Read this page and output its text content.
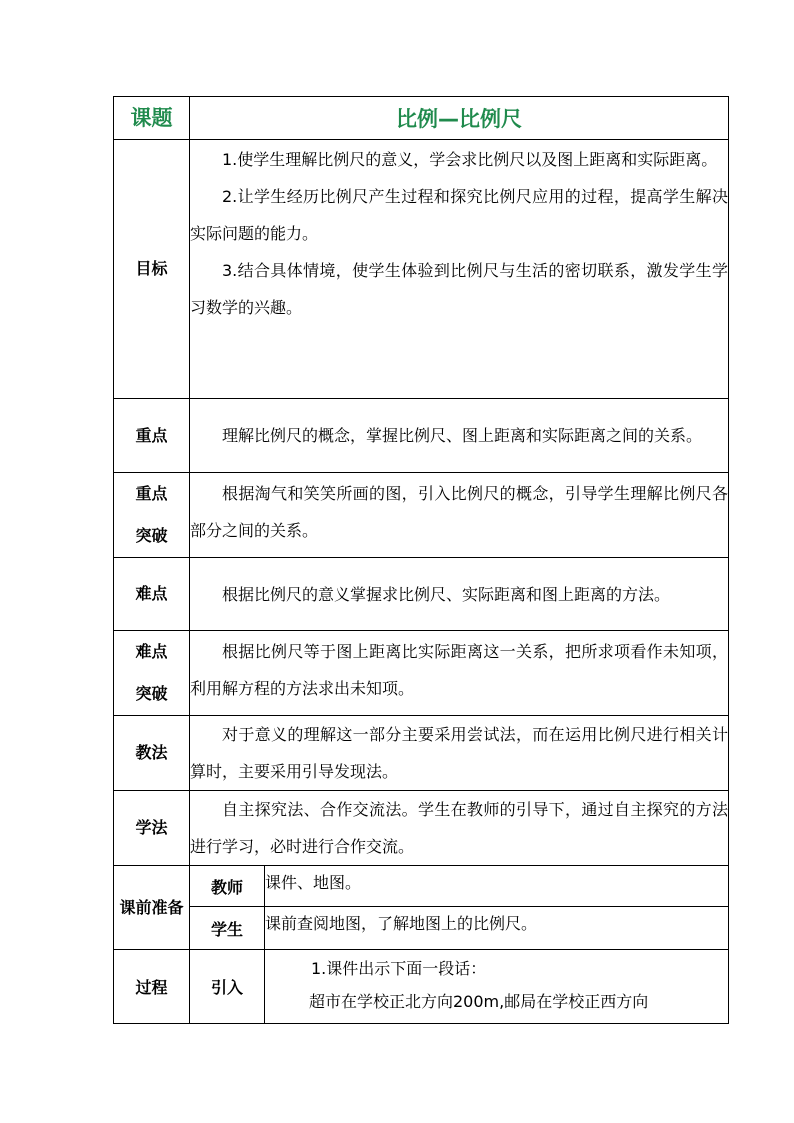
课题	比例—比例尺	
目标	1.使学生理解比例尺的意义，学会求比例尺以及图上距离和实际距离。

2.让学生经历比例尺产生过程和探究比例尺应用的过程，提高学生解决实际问题的能力。

3.结合具体情境，使学生体验到比例尺与生活的密切联系，激发学生学习数学的兴趣。	

重点	理解比例尺的概念，掌握比例尺、图上距离和实际距离之间的关系。	

重点
突破	根据淘气和笑笑所画的图，引入比例尺的概念，引导学生理解比例尺各部分之间的关系。	

难点	根据比例尺的意义掌握求比例尺、实际距离和图上距离的方法。	

难点
突破	根据比例尺等于图上距离比实际距离这一关系，把所求项看作未知项，利用解方程的方法求出未知项。	

教法	对于意义的理解这一部分主要采用尝试法，而在运用比例尺进行相关计算时，主要采用引导发现法。	

学法	自主探究法、合作交流法。学生在教师的引导下，通过自主探究的方法进行学习，必时进行合作交流。	

课前准备	教师	课件、地图。
	学生	课前查阅地图，了解地图上的比例尺。
过程	引入	1.课件出示下面一段话：
超市在学校正北方向200m,邮局在学校正西方向
